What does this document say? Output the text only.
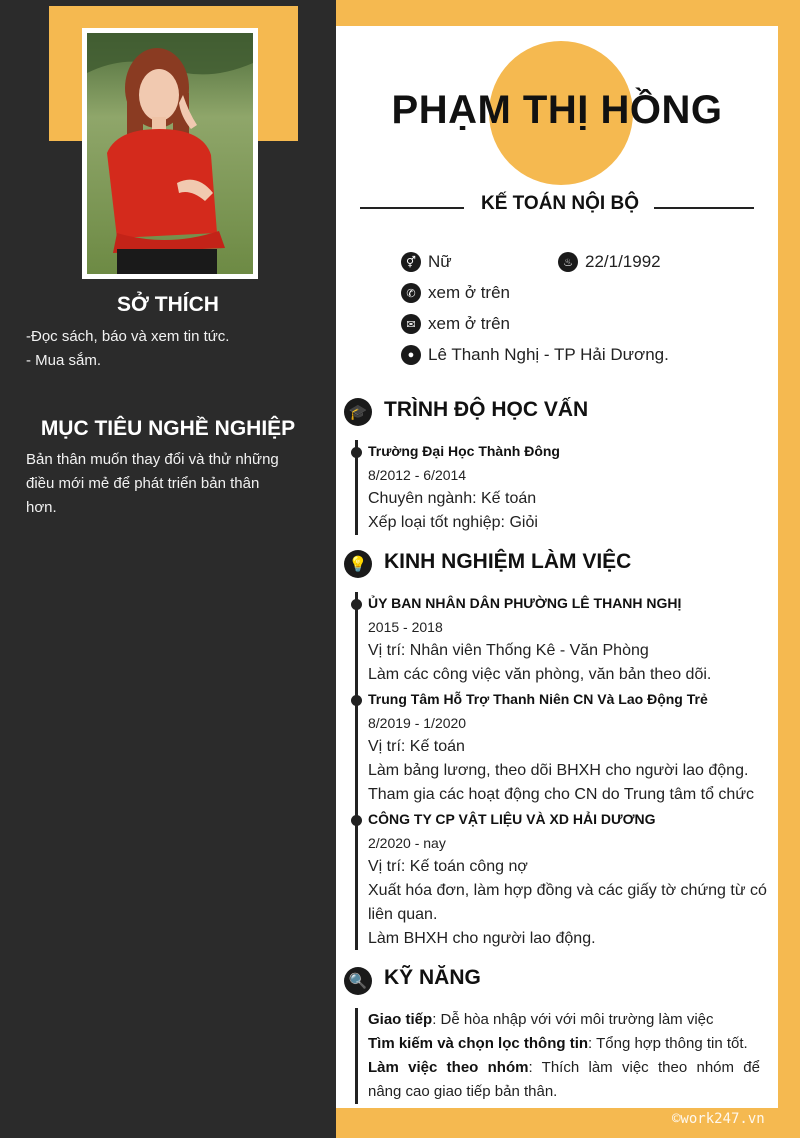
SỞ THÍCH
-Đọc sách, báo và xem tin tức.
- Mua sắm.
MỤC TIÊU NGHỀ NGHIỆP
Bản thân muốn thay đổi và thử những
điều mới mẻ để phát triển bản thân
hơn.
PHẠM THỊ HỒNG
KẾ TOÁN NỘI BỘ
⚥ Nữ	♨ 22/1/1992
✆ xem ở trên
✉ xem ở trên
● Lê Thanh Nghị - TP Hải Dương.
🎓 TRÌNH ĐỘ HỌC VẤN
Trường Đại Học Thành Đông
8/2012 - 6/2014
Chuyên ngành: Kế toán
Xếp loại tốt nghiệp: Giỏi
💡 KINH NGHIỆM LÀM VIỆC
ỦY BAN NHÂN DÂN PHƯỜNG LÊ THANH NGHỊ
2015 - 2018
Vị trí: Nhân viên Thống Kê - Văn Phòng
Làm các công việc văn phòng, văn bản theo dõi.
Trung Tâm Hỗ Trợ Thanh Niên CN Và Lao Động Trẻ
8/2019 - 1/2020
Vị trí: Kế toán
Làm bảng lương, theo dõi BHXH cho người lao động.
Tham gia các hoạt động cho CN do Trung tâm tổ chức
CÔNG TY CP VẬT LIỆU VÀ XD HẢI DƯƠNG
2/2020 - nay
Vị trí: Kế toán công nợ
Xuất hóa đơn, làm hợp đồng và các giấy tờ chứng từ có
liên quan.
Làm BHXH cho người lao động.
🔍 KỸ NĂNG
Giao tiếp: Dễ hòa nhập với với môi trường làm việc
Tìm kiếm và chọn lọc thông tin: Tổng hợp thông tin tốt.
Làm việc theo nhóm: Thích làm việc theo nhóm để
nâng cao giao tiếp bản thân.
©work247.vn
